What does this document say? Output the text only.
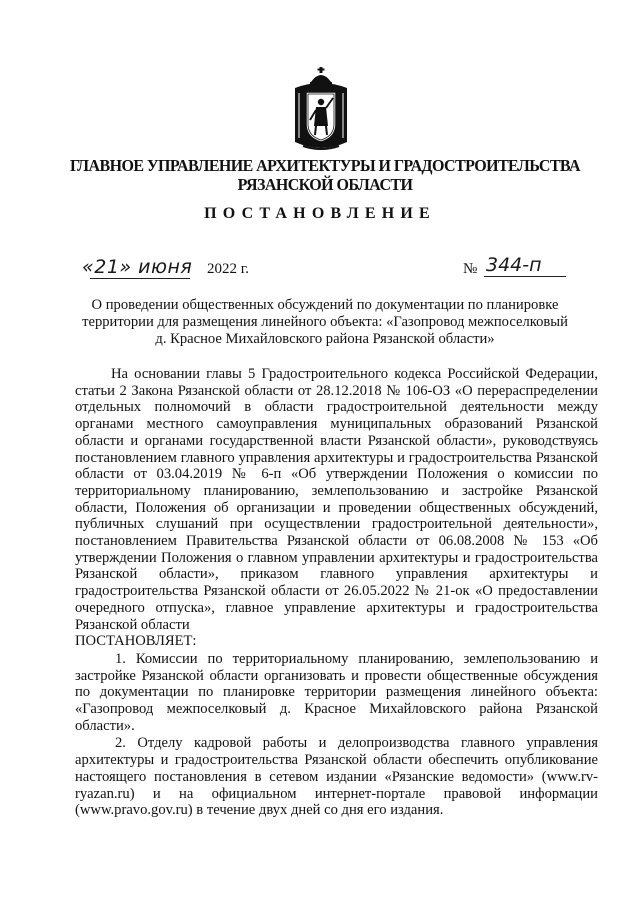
ГЛАВНОЕ УПРАВЛЕНИЕ АРХИТЕКТУРЫ И ГРАДОСТРОИТЕЛЬСТВА
РЯЗАНСКОЙ ОБЛАСТИ
ПОСТАНОВЛЕНИЕ
«21» июня 2022 г.	№ 344-п
О проведении общественных обсуждений по документации по планировке
территории для размещения линейного объекта: «Газопровод межпоселковый
д. Красное Михайловского района Рязанской области»

На основании главы 5 Градостроительного кодекса Российской Федерации, статьи 2 Закона Рязанской области от 28.12.2018 № 106-ОЗ «О перераспределении отдельных полномочий в области градостроительной деятельности между органами местного самоуправления муниципальных образований Рязанской области и органами государственной власти Рязанской области», руководствуясь постановлением главного управления архитектуры и градостроительства Рязанской области от 03.04.2019 № 6-п «Об утверждении Положения о комиссии по территориальному планированию, землепользованию и застройке Рязанской области, Положения об организации и проведении общественных обсуждений, публичных слушаний при осуществлении градостроительной деятельности», постановлением Правительства Рязанской области от 06.08.2008 № 153 «Об утверждении Положения о главном управлении архитектуры и градостроительства Рязанской области», приказом главного управления архитектуры и градостроительства Рязанской области от 26.05.2022 № 21-ок «О предоставлении очередного отпуска», главное управление архитектуры и градостроительства Рязанской области

ПОСТАНОВЛЯЕТ:

1. Комиссии по территориальному планированию, землепользованию и застройке Рязанской области организовать и провести общественные обсуждения по документации по планировке территории размещения линейного объекта: «Газопровод межпоселковый д. Красное Михайловского района Рязанской области».

2. Отделу кадровой работы и делопроизводства главного управления архитектуры и градостроительства Рязанской области обеспечить опубликование настоящего постановления в сетевом издании «Рязанские ведомости» (www.rv-ryazan.ru) и на официальном интернет-портале правовой информации (www.pravo.gov.ru) в течение двух дней со дня его издания.
